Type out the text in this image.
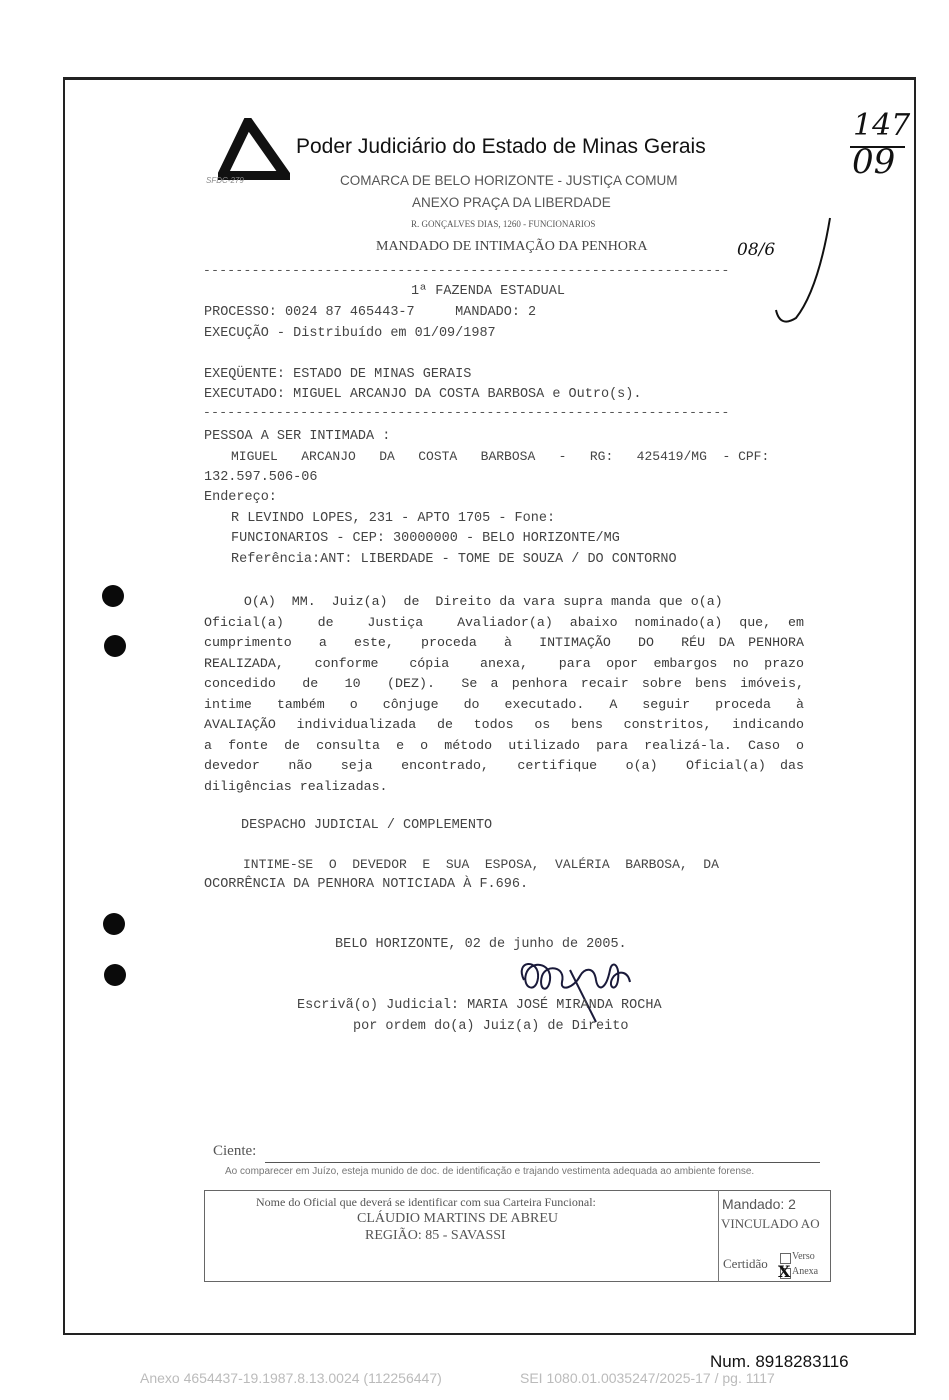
Poder Judiciário do Estado de Minas Gerais
SFDC-279
147
09
COMARCA DE BELO HORIZONTE - JUSTIÇA COMUM
ANEXO PRAÇA DA LIBERDADE
R. GONÇALVES DIAS, 1260 - FUNCIONARIOS
MANDADO DE INTIMAÇÃO DA PENHORA	08/6
-----------------------------------------------------------------
1ª FAZENDA ESTADUAL
PROCESSO: 0024 87 465443-7     MANDADO: 2
EXECUÇÃO - Distribuído em 01/09/1987
EXEQÜENTE: ESTADO DE MINAS GERAIS
EXECUTADO: MIGUEL ARCANJO DA COSTA BARBOSA e Outro(s).
-----------------------------------------------------------------
PESSOA A SER INTIMADA :
MIGUEL   ARCANJO   DA   COSTA   BARBOSA   -   RG:   425419/MG  - CPF:
132.597.506-06
Endereço:
R LEVINDO LOPES, 231 - APTO 1705 - Fone:
FUNCIONARIOS - CEP: 30000000 - BELO HORIZONTE/MG
Referência:ANT: LIBERDADE - TOME DE SOUZA / DO CONTORNO
O(A)  MM.  Juiz(a)  de  Direito da vara supra manda que o(a)
Oficial(a)  de  Justiça  Avaliador(a) abaixo nominado(a) que, em
cumprimento  a  este,  proceda  à  INTIMAÇÃO  DO  RÉU DA PENHORA
REALIZADA,  conforme  cópia  anexa,  para opor embargos no prazo
concedido  de  10  (DEZ).  Se a penhora recair sobre bens imóveis,
intime  também  o  cônjuge  do  executado.  A  seguir  proceda  à
AVALIAÇÃO individualizada de todos os bens constritos, indicando
a fonte de consulta e o método utilizado para realizá-la. Caso o
devedor  não  seja  encontrado,  certifique  o(a)  Oficial(a) das
diligências realizadas.
DESPACHO JUDICIAL / COMPLEMENTO
INTIME-SE  O  DEVEDOR  E  SUA  ESPOSA,  VALÉRIA  BARBOSA,  DA
OCORRÊNCIA DA PENHORA NOTICIADA À F.696.
BELO HORIZONTE, 02 de junho de 2005.
Escrivã(o) Judicial: MARIA JOSÉ MIRANDA ROCHA
por ordem do(a) Juiz(a) de Direito
Ciente:
Ao comparecer em Juízo, esteja munido de doc. de identificação e trajando vestimenta adequada ao ambiente forense.
Nome do Oficial que deverá se identificar com sua Carteira Funcional:
CLÁUDIO MARTINS DE ABREU
REGIÃO: 85 - SAVASSI
Mandado: 2
VINCULADO AO
Certidão Verso
X Anexa
Num. 8918283116
Anexo 4654437-19.1987.8.13.0024 (112256447)	SEI 1080.01.0035247/2025-17 / pg. 1117
